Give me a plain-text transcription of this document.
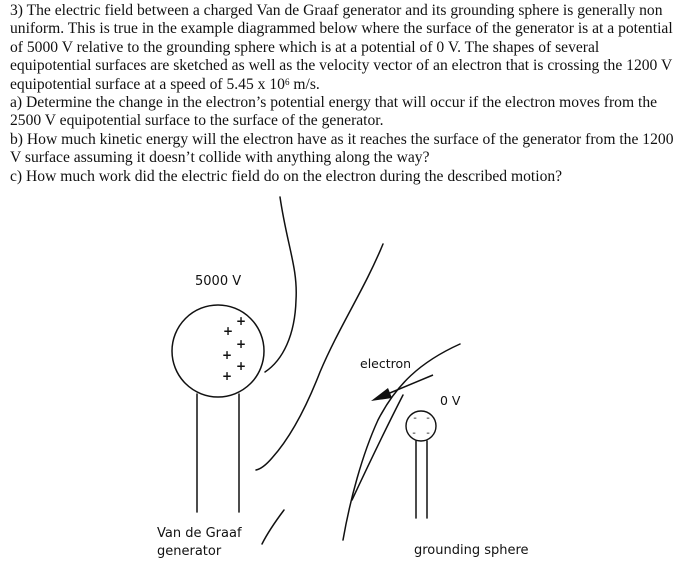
3) The electric field between a charged Van de Graaf generator and its grounding sphere is generally non uniform. This is true in the example diagrammed below where the surface of the generator is at a potential of 5000 V relative to the grounding sphere which is at a potential of 0 V. The shapes of several equipotential surfaces are sketched as well as the velocity vector of an electron that is crossing the 1200 V equipotential surface at a speed of 5.45 x $10^6$ m/s.

a) Determine the change in the electron’s potential energy that will occur if the electron moves from the 2500 V equipotential surface to the surface of the generator.

b) How much kinetic energy will the electron have as it reaches the surface of the generator from the 1200 V surface assuming it doesn’t collide with anything along the way?

c) How much work did the electric field do on the electron during the described motion?

+
+
+
+
+
+
- -
- -
5000 V
electron
0 V
Van de Graaf
generator	grounding sphere
